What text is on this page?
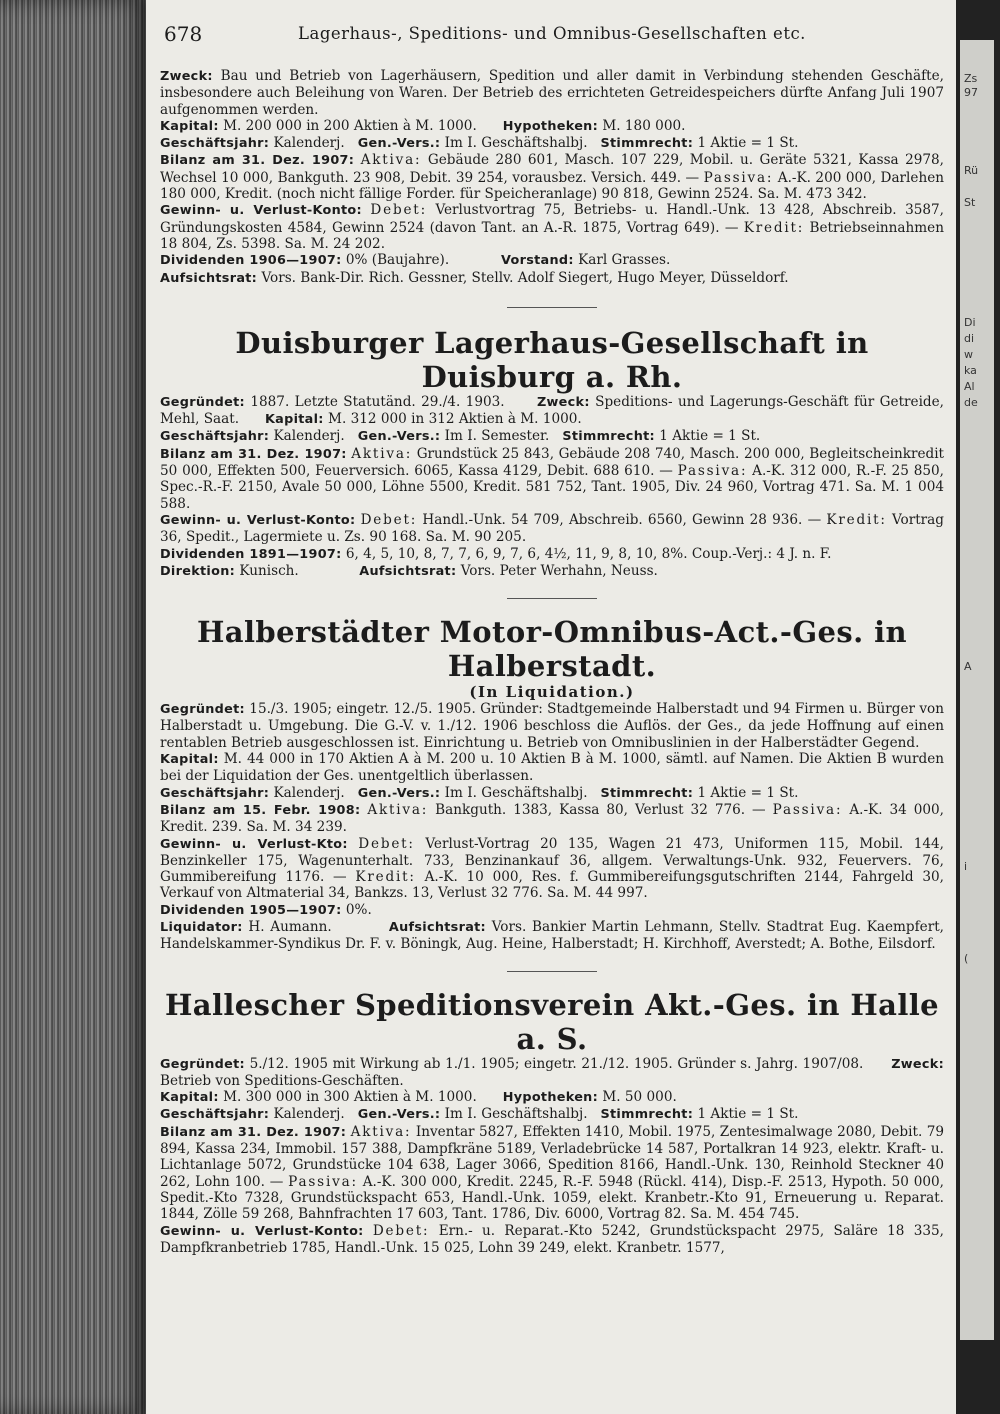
678	Lagerhaus-, Speditions- und Omnibus-Gesellschaften etc.

Zweck: Bau und Betrieb von Lagerhäusern, Spedition und aller damit in Verbindung stehenden Geschäfte, insbesondere auch Beleihung von Waren. Der Betrieb des errichteten Getreidespeichers dürfte Anfang Juli 1907 aufgenommen werden.

Kapital: M. 200 000 in 200 Aktien à M. 1000. Hypotheken: M. 180 000.

Geschäftsjahr: Kalenderj. Gen.-Vers.: Im I. Geschäftshalbj. Stimmrecht: 1 Aktie = 1 St.

Bilanz am 31. Dez. 1907: Aktiva: Gebäude 280 601, Masch. 107 229, Mobil. u. Geräte 5321, Kassa 2978, Wechsel 10 000, Bankguth. 23 908, Debit. 39 254, vorausbez. Versich. 449. — Passiva: A.-K. 200 000, Darlehen 180 000, Kredit. (noch nicht fällige Forder. für Speicheranlage) 90 818, Gewinn 2524. Sa. M. 473 342.

Gewinn- u. Verlust-Konto: Debet: Verlustvortrag 75, Betriebs- u. Handl.-Unk. 13 428, Abschreib. 3587, Gründungskosten 4584, Gewinn 2524 (davon Tant. an A.-R. 1875, Vortrag 649). — Kredit: Betriebseinnahmen 18 804, Zs. 5398. Sa. M. 24 202.

Dividenden 1906—1907: 0% (Baujahre).	Vorstand: Karl Grasses.

Aufsichtsrat: Vors. Bank-Dir. Rich. Gessner, Stellv. Adolf Siegert, Hugo Meyer, Düsseldorf.

Duisburger Lagerhaus-Gesellschaft in Duisburg a. Rh.

Gegründet: 1887. Letzte Statutänd. 29./4. 1903.	Zweck: Speditions- und Lagerungs-Geschäft für Getreide, Mehl, Saat. Kapital: M. 312 000 in 312 Aktien à M. 1000.

Geschäftsjahr: Kalenderj. Gen.-Vers.: Im I. Semester. Stimmrecht: 1 Aktie = 1 St.

Bilanz am 31. Dez. 1907: Aktiva: Grundstück 25 843, Gebäude 208 740, Masch. 200 000, Begleitscheinkredit 50 000, Effekten 500, Feuerversich. 6065, Kassa 4129, Debit. 688 610. — Passiva: A.-K. 312 000, R.-F. 25 850, Spec.-R.-F. 2150, Avale 50 000, Löhne 5500, Kredit. 581 752, Tant. 1905, Div. 24 960, Vortrag 471. Sa. M. 1 004 588.

Gewinn- u. Verlust-Konto: Debet: Handl.-Unk. 54 709, Abschreib. 6560, Gewinn 28 936. — Kredit: Vortrag 36, Spedit., Lagermiete u. Zs. 90 168. Sa. M. 90 205.

Dividenden 1891—1907: 6, 4, 5, 10, 8, 7, 7, 6, 9, 7, 6, 4½, 11, 9, 8, 10, 8%. Coup.-Verj.: 4 J. n. F.

Direktion: Kunisch.	Aufsichtsrat: Vors. Peter Werhahn, Neuss.

Halberstädter Motor-Omnibus-Act.-Ges. in Halberstadt.

(In Liquidation.)

Gegründet: 15./3. 1905; eingetr. 12./5. 1905. Gründer: Stadtgemeinde Halberstadt und 94 Firmen u. Bürger von Halberstadt u. Umgebung. Die G.-V. v. 1./12. 1906 beschloss die Auflös. der Ges., da jede Hoffnung auf einen rentablen Betrieb ausgeschlossen ist. Einrichtung u. Betrieb von Omnibuslinien in der Halberstädter Gegend.

Kapital: M. 44 000 in 170 Aktien A à M. 200 u. 10 Aktien B à M. 1000, sämtl. auf Namen. Die Aktien B wurden bei der Liquidation der Ges. unentgeltlich überlassen.

Geschäftsjahr: Kalenderj. Gen.-Vers.: Im I. Geschäftshalbj. Stimmrecht: 1 Aktie = 1 St.

Bilanz am 15. Febr. 1908: Aktiva: Bankguth. 1383, Kassa 80, Verlust 32 776. — Passiva: A.-K. 34 000, Kredit. 239. Sa. M. 34 239.

Gewinn- u. Verlust-Kto: Debet: Verlust-Vortrag 20 135, Wagen 21 473, Uniformen 115, Mobil. 144, Benzinkeller 175, Wagenunterhalt. 733, Benzinankauf 36, allgem. Verwaltungs-Unk. 932, Feuervers. 76, Gummibereifung 1176. — Kredit: A.-K. 10 000, Res. f. Gummibereifungsgutschriften 2144, Fahrgeld 30, Verkauf von Altmaterial 34, Bankzs. 13, Verlust 32 776. Sa. M. 44 997.

Dividenden 1905—1907: 0%.

Liquidator: H. Aumann.	Aufsichtsrat: Vors. Bankier Martin Lehmann, Stellv. Stadtrat Eug. Kaempfert, Handelskammer-Syndikus Dr. F. v. Böningk, Aug. Heine, Halberstadt; H. Kirchhoff, Averstedt; A. Bothe, Eilsdorf.

Hallescher Speditionsverein Akt.-Ges. in Halle a. S.

Gegründet: 5./12. 1905 mit Wirkung ab 1./1. 1905; eingetr. 21./12. 1905. Gründer s. Jahrg. 1907/08. Zweck: Betrieb von Speditions-Geschäften.

Kapital: M. 300 000 in 300 Aktien à M. 1000. Hypotheken: M. 50 000.

Geschäftsjahr: Kalenderj. Gen.-Vers.: Im I. Geschäftshalbj. Stimmrecht: 1 Aktie = 1 St.

Bilanz am 31. Dez. 1907: Aktiva: Inventar 5827, Effekten 1410, Mobil. 1975, Zentesimalwage 2080, Debit. 79 894, Kassa 234, Immobil. 157 388, Dampfkräne 5189, Verladebrücke 14 587, Portalkran 14 923, elektr. Kraft- u. Lichtanlage 5072, Grundstücke 104 638, Lager 3066, Spedition 8166, Handl.-Unk. 130, Reinhold Steckner 40 262, Lohn 100. — Passiva: A.-K. 300 000, Kredit. 2245, R.-F. 5948 (Rückl. 414), Disp.-F. 2513, Hypoth. 50 000, Spedit.-Kto 7328, Grundstückspacht 653, Handl.-Unk. 1059, elekt. Kranbetr.-Kto 91, Erneuerung u. Reparat. 1844, Zölle 59 268, Bahnfrachten 17 603, Tant. 1786, Div. 6000, Vortrag 82. Sa. M. 454 745.

Gewinn- u. Verlust-Konto: Debet: Ern.- u. Reparat.-Kto 5242, Grundstückspacht 2975, Saläre 18 335, Dampfkranbetrieb 1785, Handl.-Unk. 15 025, Lohn 39 249, elekt. Kranbetr. 1577,

Zs
97
Rü
St
Di
di
w
ka
Al
de
A
i
(
